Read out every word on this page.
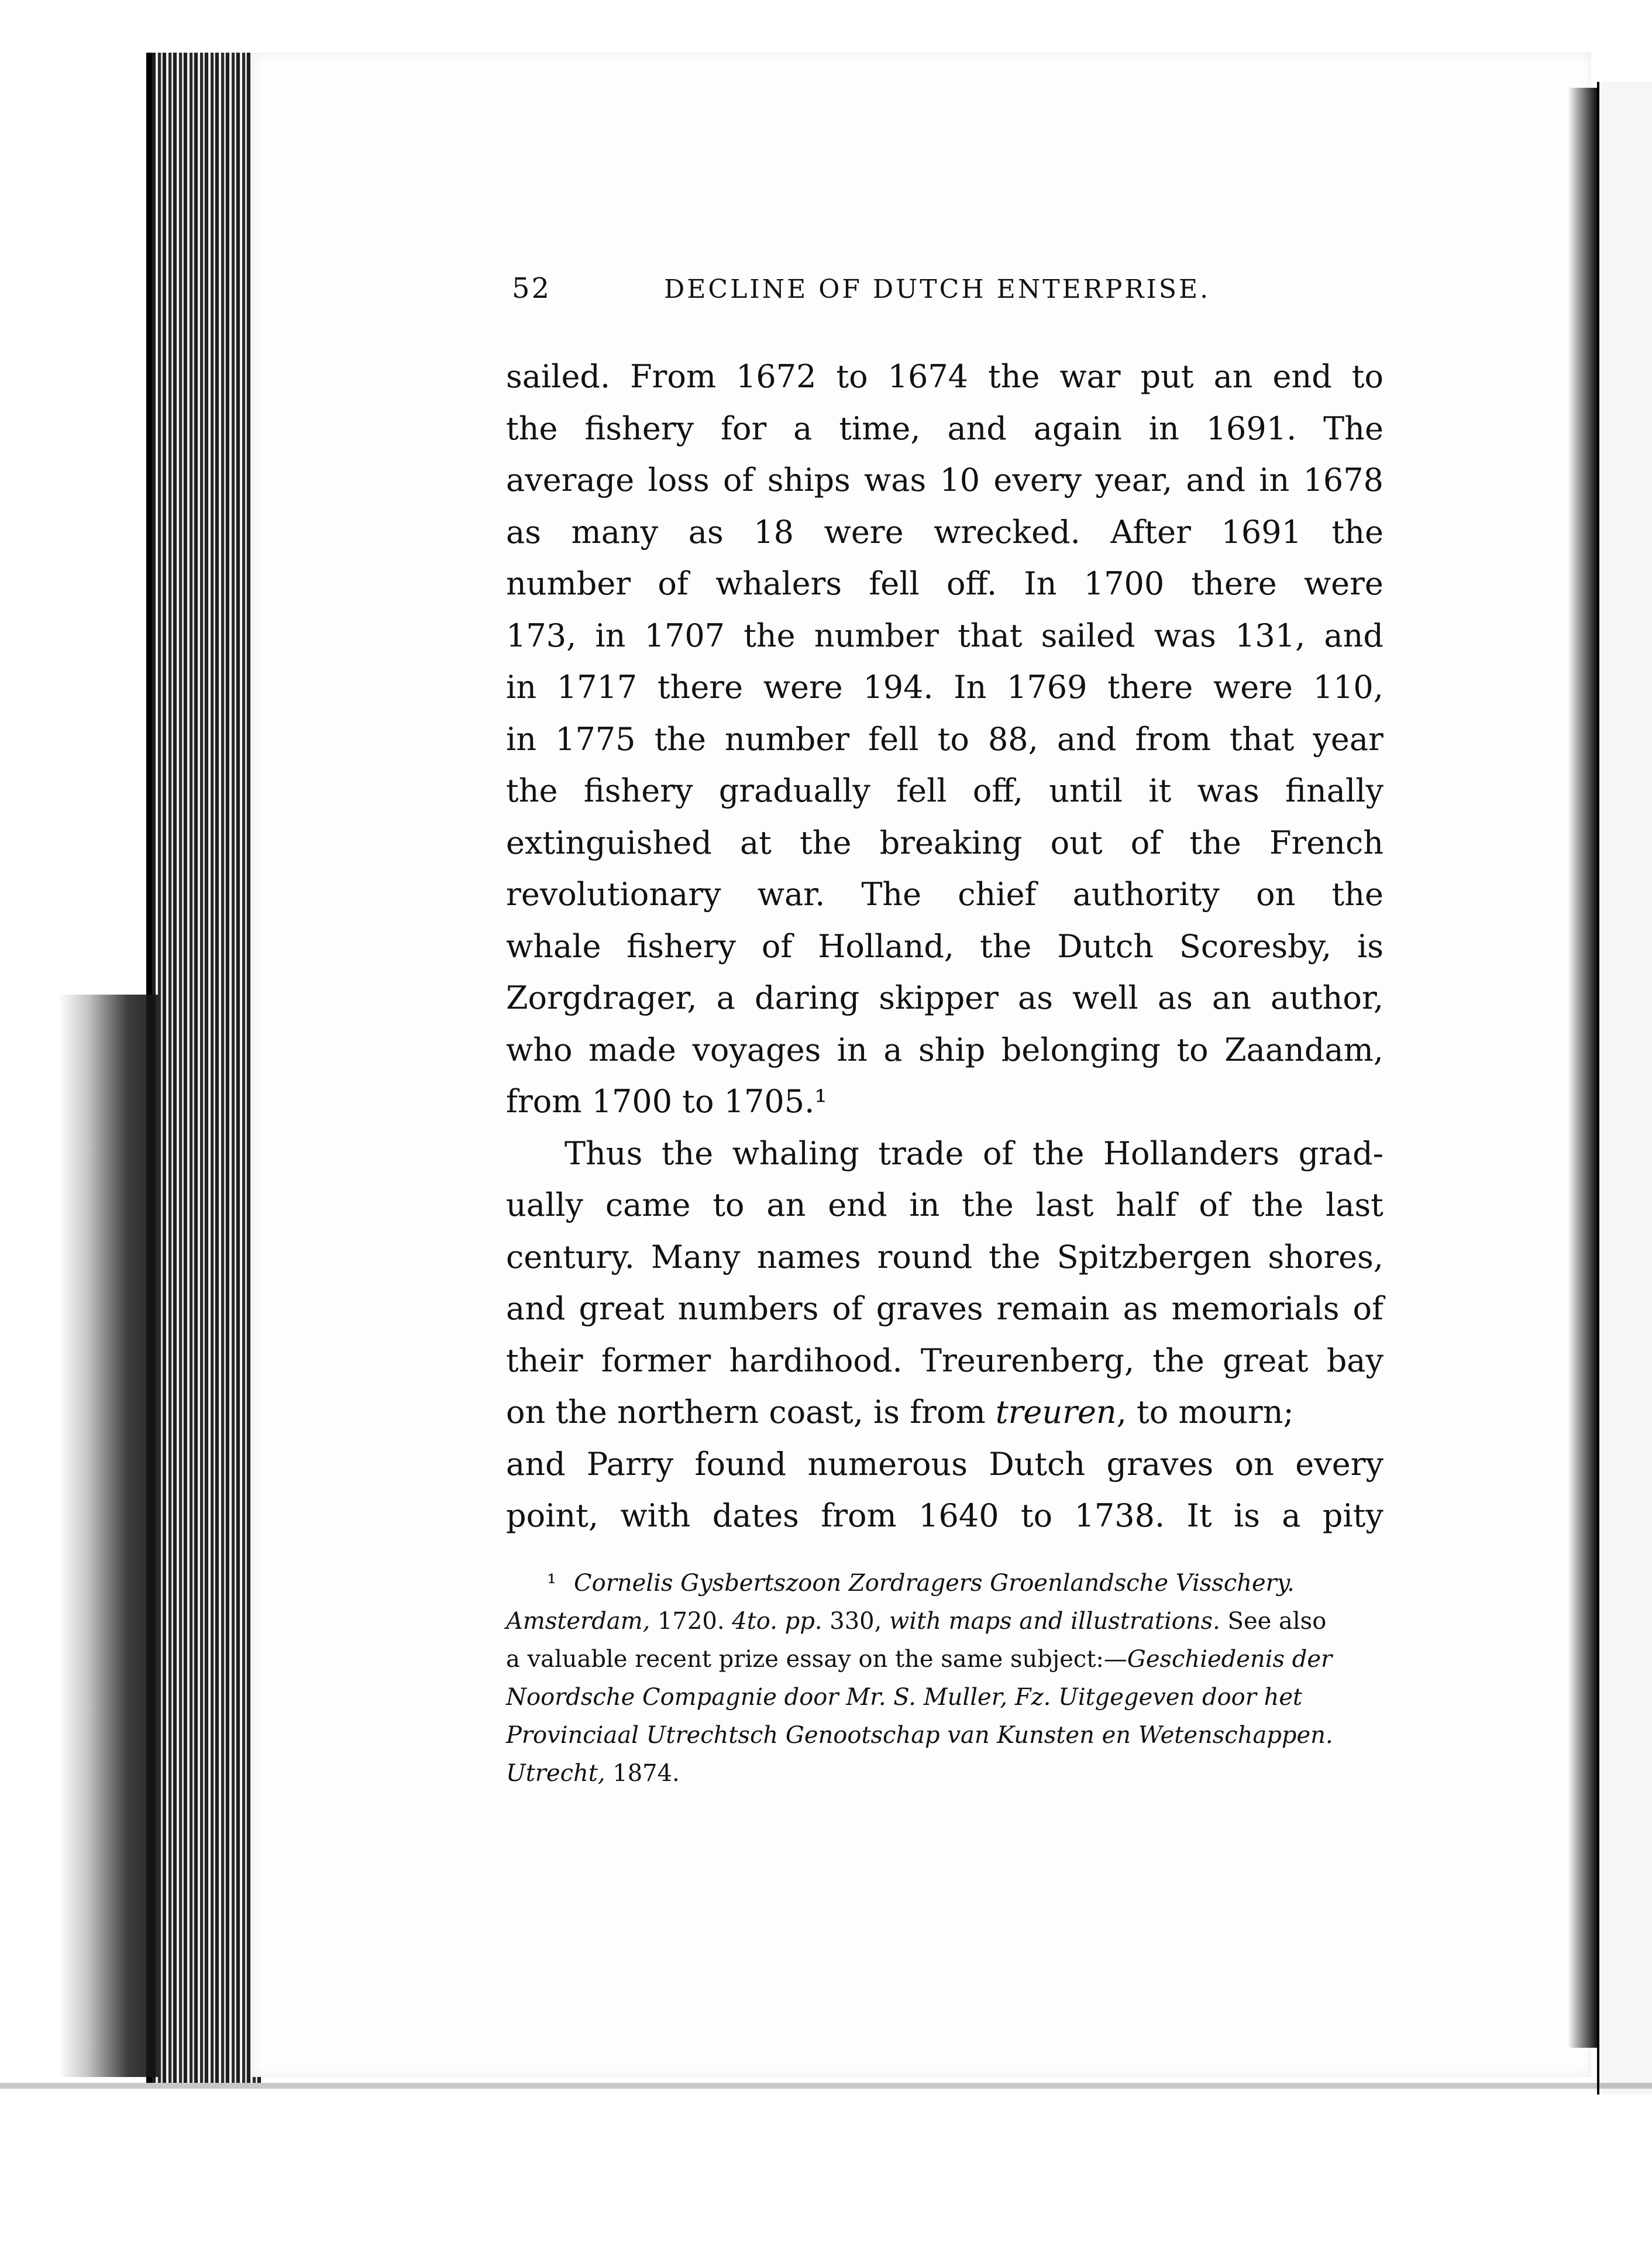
52	DECLINE OF DUTCH ENTERPRISE.
sailed. From 1672 to 1674 the war put an end to
the fishery for a time, and again in 1691. The
average loss of ships was 10 every year, and in 1678
as many as 18 were wrecked. After 1691 the
number of whalers fell off. In 1700 there were
173, in 1707 the number that sailed was 131, and
in 1717 there were 194. In 1769 there were 110,
in 1775 the number fell to 88, and from that year
the fishery gradually fell off, until it was finally
extinguished at the breaking out of the French
revolutionary war. The chief authority on the
whale fishery of Holland, the Dutch Scoresby, is
Zorgdrager, a daring skipper as well as an author,
who made voyages in a ship belonging to Zaandam,
from 1700 to 1705.¹
Thus the whaling trade of the Hollanders grad-
ually came to an end in the last half of the last
century. Many names round the Spitzbergen shores,
and great numbers of graves remain as memorials of
their former hardihood. Treurenberg, the great bay
on the northern coast, is from treuren , to mourn;
and Parry found numerous Dutch graves on every
point, with dates from 1640 to 1738. It is a pity
¹ Cornelis Gysbertszoon Zordragers Groenlandsche Visschery.
Amsterdam, 1720. 4to. pp. 330, with maps and illustrations. See also
a valuable recent prize essay on the same subject:— Geschiedenis der
Noordsche Compagnie door Mr. S. Muller, Fz. Uitgegeven door het
Provinciaal Utrechtsch Genootschap van Kunsten en Wetenschappen.
Utrecht, 1874.
